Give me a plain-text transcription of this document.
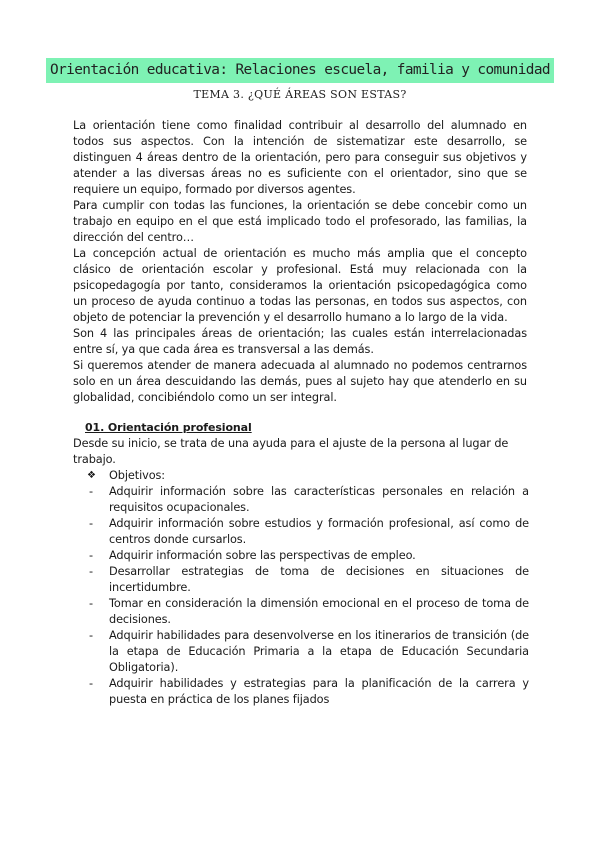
Orientación educativa: Relaciones escuela, familia y comunidad
TEMA 3. ¿QUÉ ÁREAS SON ESTAS?

La orientación tiene como finalidad contribuir al desarrollo del alumnado en todos sus aspectos. Con la intención de sistematizar este desarrollo, se distinguen 4 áreas dentro de la orientación, pero para conseguir sus objetivos y atender a las diversas áreas no es suficiente con el orientador, sino que se requiere un equipo, formado por diversos agentes.

Para cumplir con todas las funciones, la orientación se debe concebir como un trabajo en equipo en el que está implicado todo el profesorado, las familias, la dirección del centro…

La concepción actual de orientación es mucho más amplia que el concepto clásico de orientación escolar y profesional. Está muy relacionada con la psicopedagogía por tanto, consideramos la orientación psicopedagógica como un proceso de ayuda continuo a todas las personas, en todos sus aspectos, con objeto de potenciar la prevención y el desarrollo humano a lo largo de la vida.

Son 4 las principales áreas de orientación; las cuales están interrelacionadas entre sí, ya que cada área es transversal a las demás.

Si queremos atender de manera adecuada al alumnado no podemos centrarnos solo en un área descuidando las demás, pues al sujeto hay que atenderlo en su globalidad, concibiéndolo como un ser integral.

01. Orientación profesional

Desde su inicio, se trata de una ayuda para el ajuste de la persona al lugar de trabajo.

❖ Objetivos:

- Adquirir información sobre las características personales en relación a requisitos ocupacionales.

- Adquirir información sobre estudios y formación profesional, así como de centros donde cursarlos.

- Adquirir información sobre las perspectivas de empleo.

- Desarrollar estrategias de toma de decisiones en situaciones de incertidumbre.

- Tomar en consideración la dimensión emocional en el proceso de toma de decisiones.

- Adquirir habilidades para desenvolverse en los itinerarios de transición (de la etapa de Educación Primaria a la etapa de Educación Secundaria Obligatoria).

- Adquirir habilidades y estrategias para la planificación de la carrera y puesta en práctica de los planes fijados
